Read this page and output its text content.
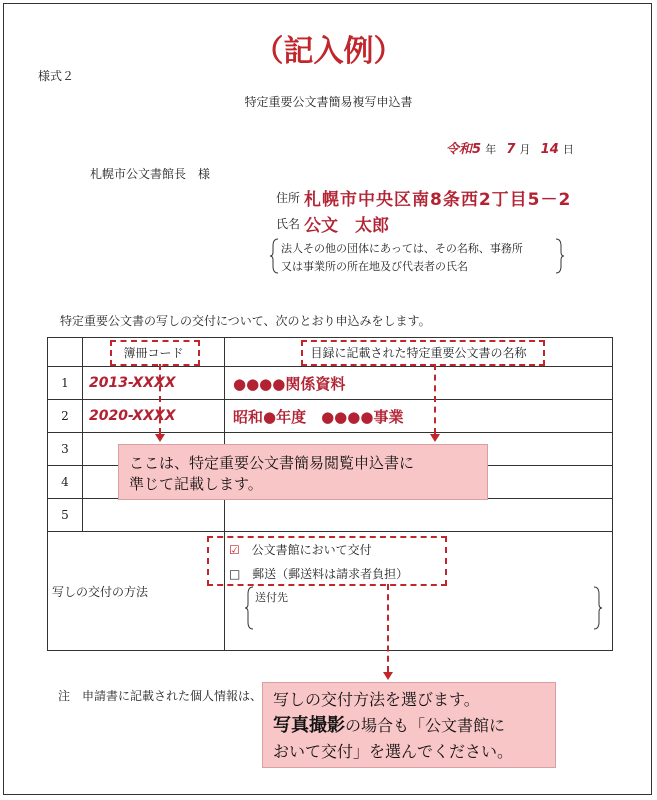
（記入例）
様式２
特定重要公文書簡易複写申込書
令和5 年 7 月 14 日
札幌市公文書館長　様
住所 札幌市中央区南8条西2丁目5－2
氏名 公文　太郎
法人その他の団体にあっては、その名称、事務所
又は事業所の所在地及び代表者の氏名
特定重要公文書の写しの交付について、次のとおり申込みをします。
	簿冊コード	目録に記載された特定重要公文書の名称
1	2013-XXXX	●●●●関係資料
2	2020-XXXX	昭和●年度　●●●●事業
3		
4		
5		
写しの交付の方法		
☑ 公文書館において交付
□ 郵送（郵送料は請求者負担）
送付先
注　申請書に記載された個人情報は、
ここは、特定重要公文書簡易閲覧申込書に
準じて記載します。
写しの交付方法を選びます。
写真撮影の場合も「公文書館に
おいて交付」を選んでください。
